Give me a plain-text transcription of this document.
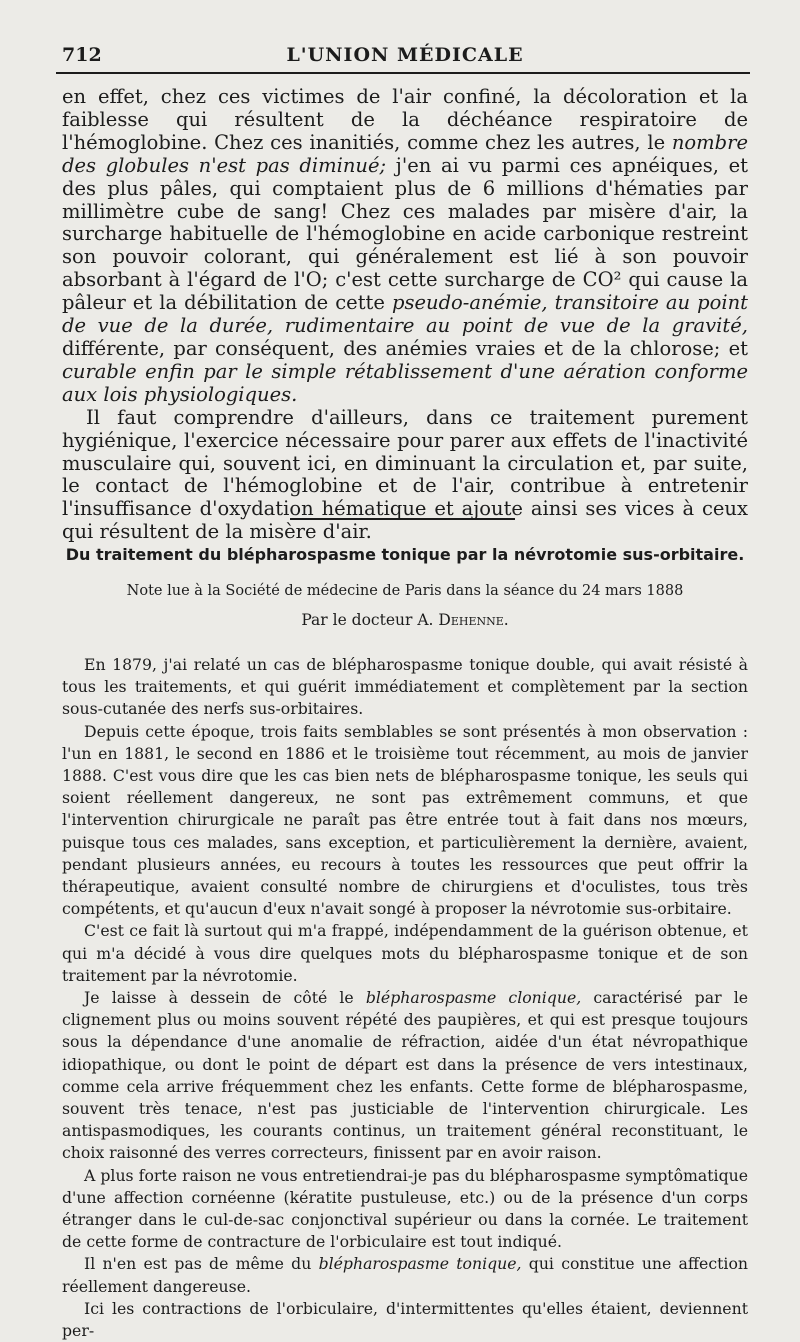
712	L'UNION MÉDICALE

en effet, chez ces victimes de l'air confiné, la décoloration et la faiblesse qui résultent de la déchéance respiratoire de l'hémoglobine. Chez ces inanitiés, comme chez les autres, le nombre des globules n'est pas diminué; j'en ai vu parmi ces apnéiques, et des plus pâles, qui comptaient plus de 6 millions d'hématies par millimètre cube de sang! Chez ces malades par misère d'air, la surcharge habituelle de l'hémoglobine en acide carbonique restreint son pouvoir colorant, qui généralement est lié à son pouvoir absorbant à l'égard de l'O; c'est cette surcharge de CO² qui cause la pâleur et la débilitation de cette pseudo-anémie, transitoire au point de vue de la durée, rudimentaire au point de vue de la gravité, différente, par conséquent, des anémies vraies et de la chlorose; et curable enfin par le simple rétablissement d'une aération conforme aux lois physiologiques.

Il faut comprendre d'ailleurs, dans ce traitement purement hygiénique, l'exercice nécessaire pour parer aux effets de l'inactivité musculaire qui, souvent ici, en diminuant la circulation et, par suite, le contact de l'hémoglobine et de l'air, contribue à entretenir l'insuffisance d'oxydation hématique et ajoute ainsi ses vices à ceux qui résultent de la misère d'air.

Du traitement du blépharospasme tonique par la névrotomie sus-orbitaire.
Note lue à la Société de médecine de Paris dans la séance du 24 mars 1888
Par le docteur A. Dehenne.

En 1879, j'ai relaté un cas de blépharospasme tonique double, qui avait résisté à tous les traitements, et qui guérit immédiatement et complètement par la section sous-cutanée des nerfs sus-orbitaires.

Depuis cette époque, trois faits semblables se sont présentés à mon observation : l'un en 1881, le second en 1886 et le troisième tout récemment, au mois de janvier 1888. C'est vous dire que les cas bien nets de blépharospasme tonique, les seuls qui soient réellement dangereux, ne sont pas extrêmement communs, et que l'intervention chirurgicale ne paraît pas être entrée tout à fait dans nos mœurs, puisque tous ces malades, sans exception, et particulièrement la dernière, avaient, pendant plusieurs années, eu recours à toutes les ressources que peut offrir la thérapeutique, avaient consulté nombre de chirurgiens et d'oculistes, tous très compétents, et qu'aucun d'eux n'avait songé à proposer la névrotomie sus-orbitaire.

C'est ce fait là surtout qui m'a frappé, indépendamment de la guérison obtenue, et qui m'a décidé à vous dire quelques mots du blépharospasme tonique et de son traitement par la névrotomie.

Je laisse à dessein de côté le blépharospasme clonique, caractérisé par le clignement plus ou moins souvent répété des paupières, et qui est presque toujours sous la dépendance d'une anomalie de réfraction, aidée d'un état névropathique idiopathique, ou dont le point de départ est dans la présence de vers intestinaux, comme cela arrive fréquemment chez les enfants. Cette forme de blépharospasme, souvent très tenace, n'est pas justiciable de l'intervention chirurgicale. Les antispasmodiques, les courants continus, un traitement général reconstituant, le choix raisonné des verres correcteurs, finissent par en avoir raison.

A plus forte raison ne vous entretiendrai-je pas du blépharospasme symptômatique d'une affection cornéenne (kératite pustuleuse, etc.) ou de la présence d'un corps étranger dans le cul-de-sac conjonctival supérieur ou dans la cornée. Le traitement de cette forme de contracture de l'orbiculaire est tout indiqué.

Il n'en est pas de même du blépharospasme tonique, qui constitue une affection réellement dangereuse.

Ici les contractions de l'orbiculaire, d'intermittentes qu'elles étaient, deviennent per-
